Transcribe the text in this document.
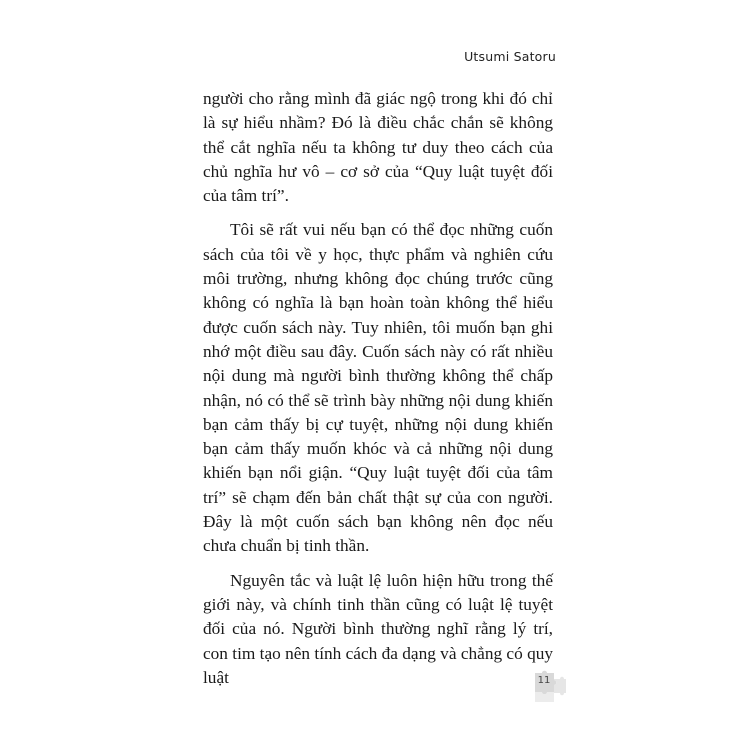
Utsumi Satoru

người cho rằng mình đã giác ngộ trong khi đó chỉ là sự hiểu nhầm? Đó là điều chắc chắn sẽ không thể cắt nghĩa nếu ta không tư duy theo cách của chủ nghĩa hư vô – cơ sở của “Quy luật tuyệt đối của tâm trí”.

Tôi sẽ rất vui nếu bạn có thể đọc những cuốn sách của tôi về y học, thực phẩm và nghiên cứu môi trường, nhưng không đọc chúng trước cũng không có nghĩa là bạn hoàn toàn không thể hiểu được cuốn sách này. Tuy nhiên, tôi muốn bạn ghi nhớ một điều sau đây. Cuốn sách này có rất nhiều nội dung mà người bình thường không thể chấp nhận, nó có thể sẽ trình bày những nội dung khiến bạn cảm thấy bị cự tuyệt, những nội dung khiến bạn cảm thấy muốn khóc và cả những nội dung khiến bạn nổi giận. “Quy luật tuyệt đối của tâm trí” sẽ chạm đến bản chất thật sự của con người. Đây là một cuốn sách bạn không nên đọc nếu chưa chuẩn bị tinh thần.

Nguyên tắc và luật lệ luôn hiện hữu trong thế giới này, và chính tinh thần cũng có luật lệ tuyệt đối của nó. Người bình thường nghĩ rằng lý trí, con tim tạo nên tính cách đa dạng và chẳng có quy luật	11
